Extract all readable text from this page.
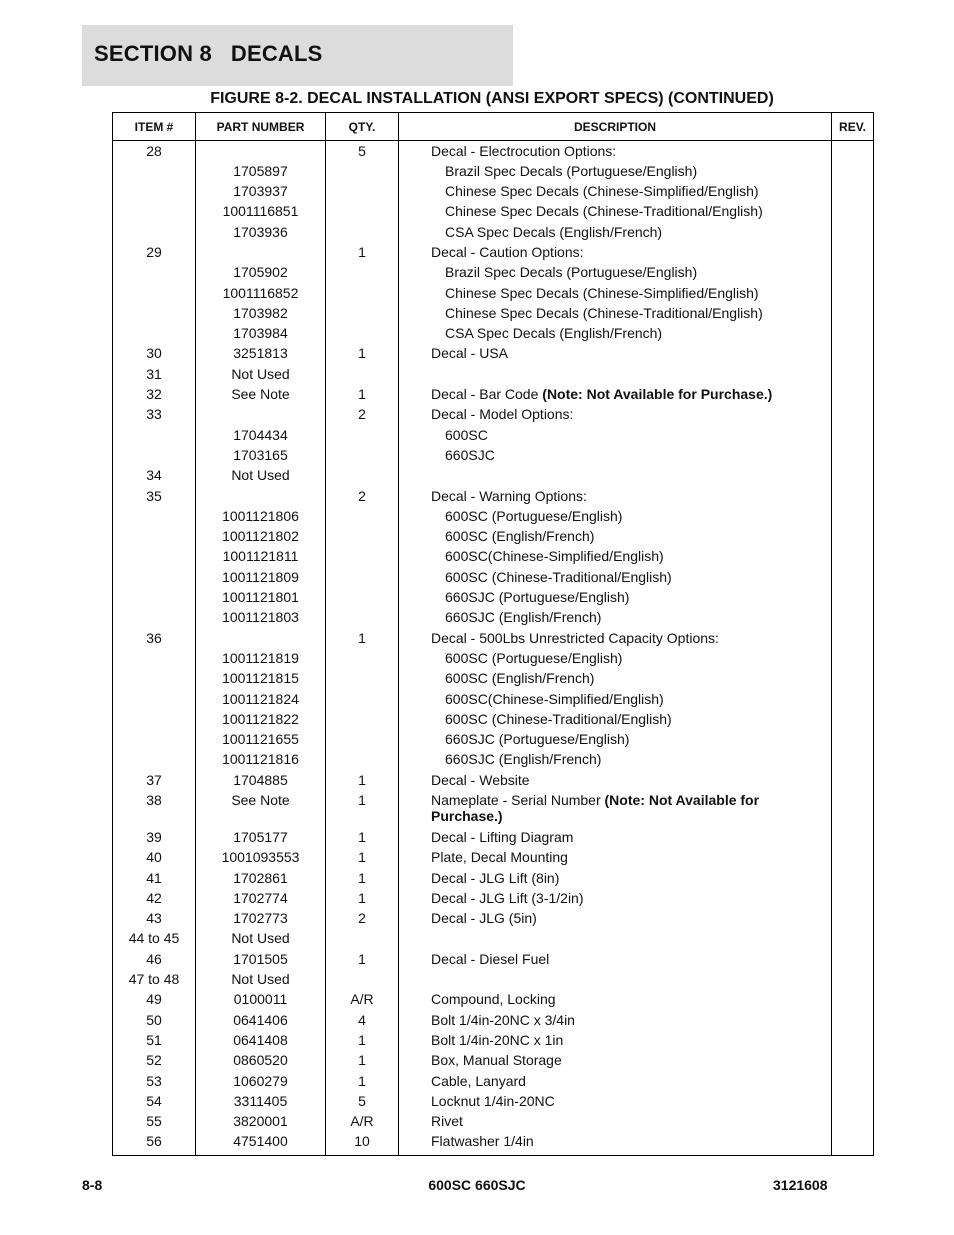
SECTION 8   DECALS
FIGURE 8-2. DECAL INSTALLATION (ANSI EXPORT SPECS) (CONTINUED)
ITEM #	PART NUMBER	QTY.	DESCRIPTION	REV.
28		5	Decal - Electrocution Options:	
	1705897		Brazil Spec Decals (Portuguese/English)	
	1703937		Chinese Spec Decals (Chinese-Simplified/English)	
	1001116851		Chinese Spec Decals (Chinese-Traditional/English)	
	1703936		CSA Spec Decals (English/French)	
29		1	Decal - Caution Options:	
	1705902		Brazil Spec Decals (Portuguese/English)	
	1001116852		Chinese Spec Decals (Chinese-Simplified/English)	
	1703982		Chinese Spec Decals (Chinese-Traditional/English)	
	1703984		CSA Spec Decals (English/French)	
30	3251813	1	Decal - USA	
31	Not Used			
32	See Note	1	Decal - Bar Code (Note: Not Available for Purchase.)	
33		2	Decal - Model Options:	
	1704434		600SC	
	1703165		660SJC	
34	Not Used			
35		2	Decal - Warning Options:	
	1001121806		600SC (Portuguese/English)	
	1001121802		600SC (English/French)	
	1001121811		600SC(Chinese-Simplified/English)	
	1001121809		600SC (Chinese-Traditional/English)	
	1001121801		660SJC (Portuguese/English)	
	1001121803		660SJC (English/French)	
36		1	Decal - 500Lbs Unrestricted Capacity Options:	
	1001121819		600SC (Portuguese/English)	
	1001121815		600SC (English/French)	
	1001121824		600SC(Chinese-Simplified/English)	
	1001121822		600SC (Chinese-Traditional/English)	
	1001121655		660SJC (Portuguese/English)	
	1001121816		660SJC (English/French)	
37	1704885	1	Decal - Website	
38	See Note	1	Nameplate - Serial Number (Note: Not Available for Purchase.)	
39	1705177	1	Decal - Lifting Diagram	
40	1001093553	1	Plate, Decal Mounting	
41	1702861	1	Decal - JLG Lift (8in)	
42	1702774	1	Decal - JLG Lift (3-1/2in)	
43	1702773	2	Decal - JLG (5in)	
44 to 45	Not Used			
46	1701505	1	Decal - Diesel Fuel	
47 to 48	Not Used			
49	0100011	A/R	Compound, Locking	
50	0641406	4	Bolt 1/4in-20NC x 3/4in	
51	0641408	1	Bolt 1/4in-20NC x 1in	
52	0860520	1	Box, Manual Storage	
53	1060279	1	Cable, Lanyard	
54	3311405	5	Locknut 1/4in-20NC	
55	3820001	A/R	Rivet	
56	4751400	10	Flatwasher 1/4in	
8-8	600SC 660SJC	3121608
